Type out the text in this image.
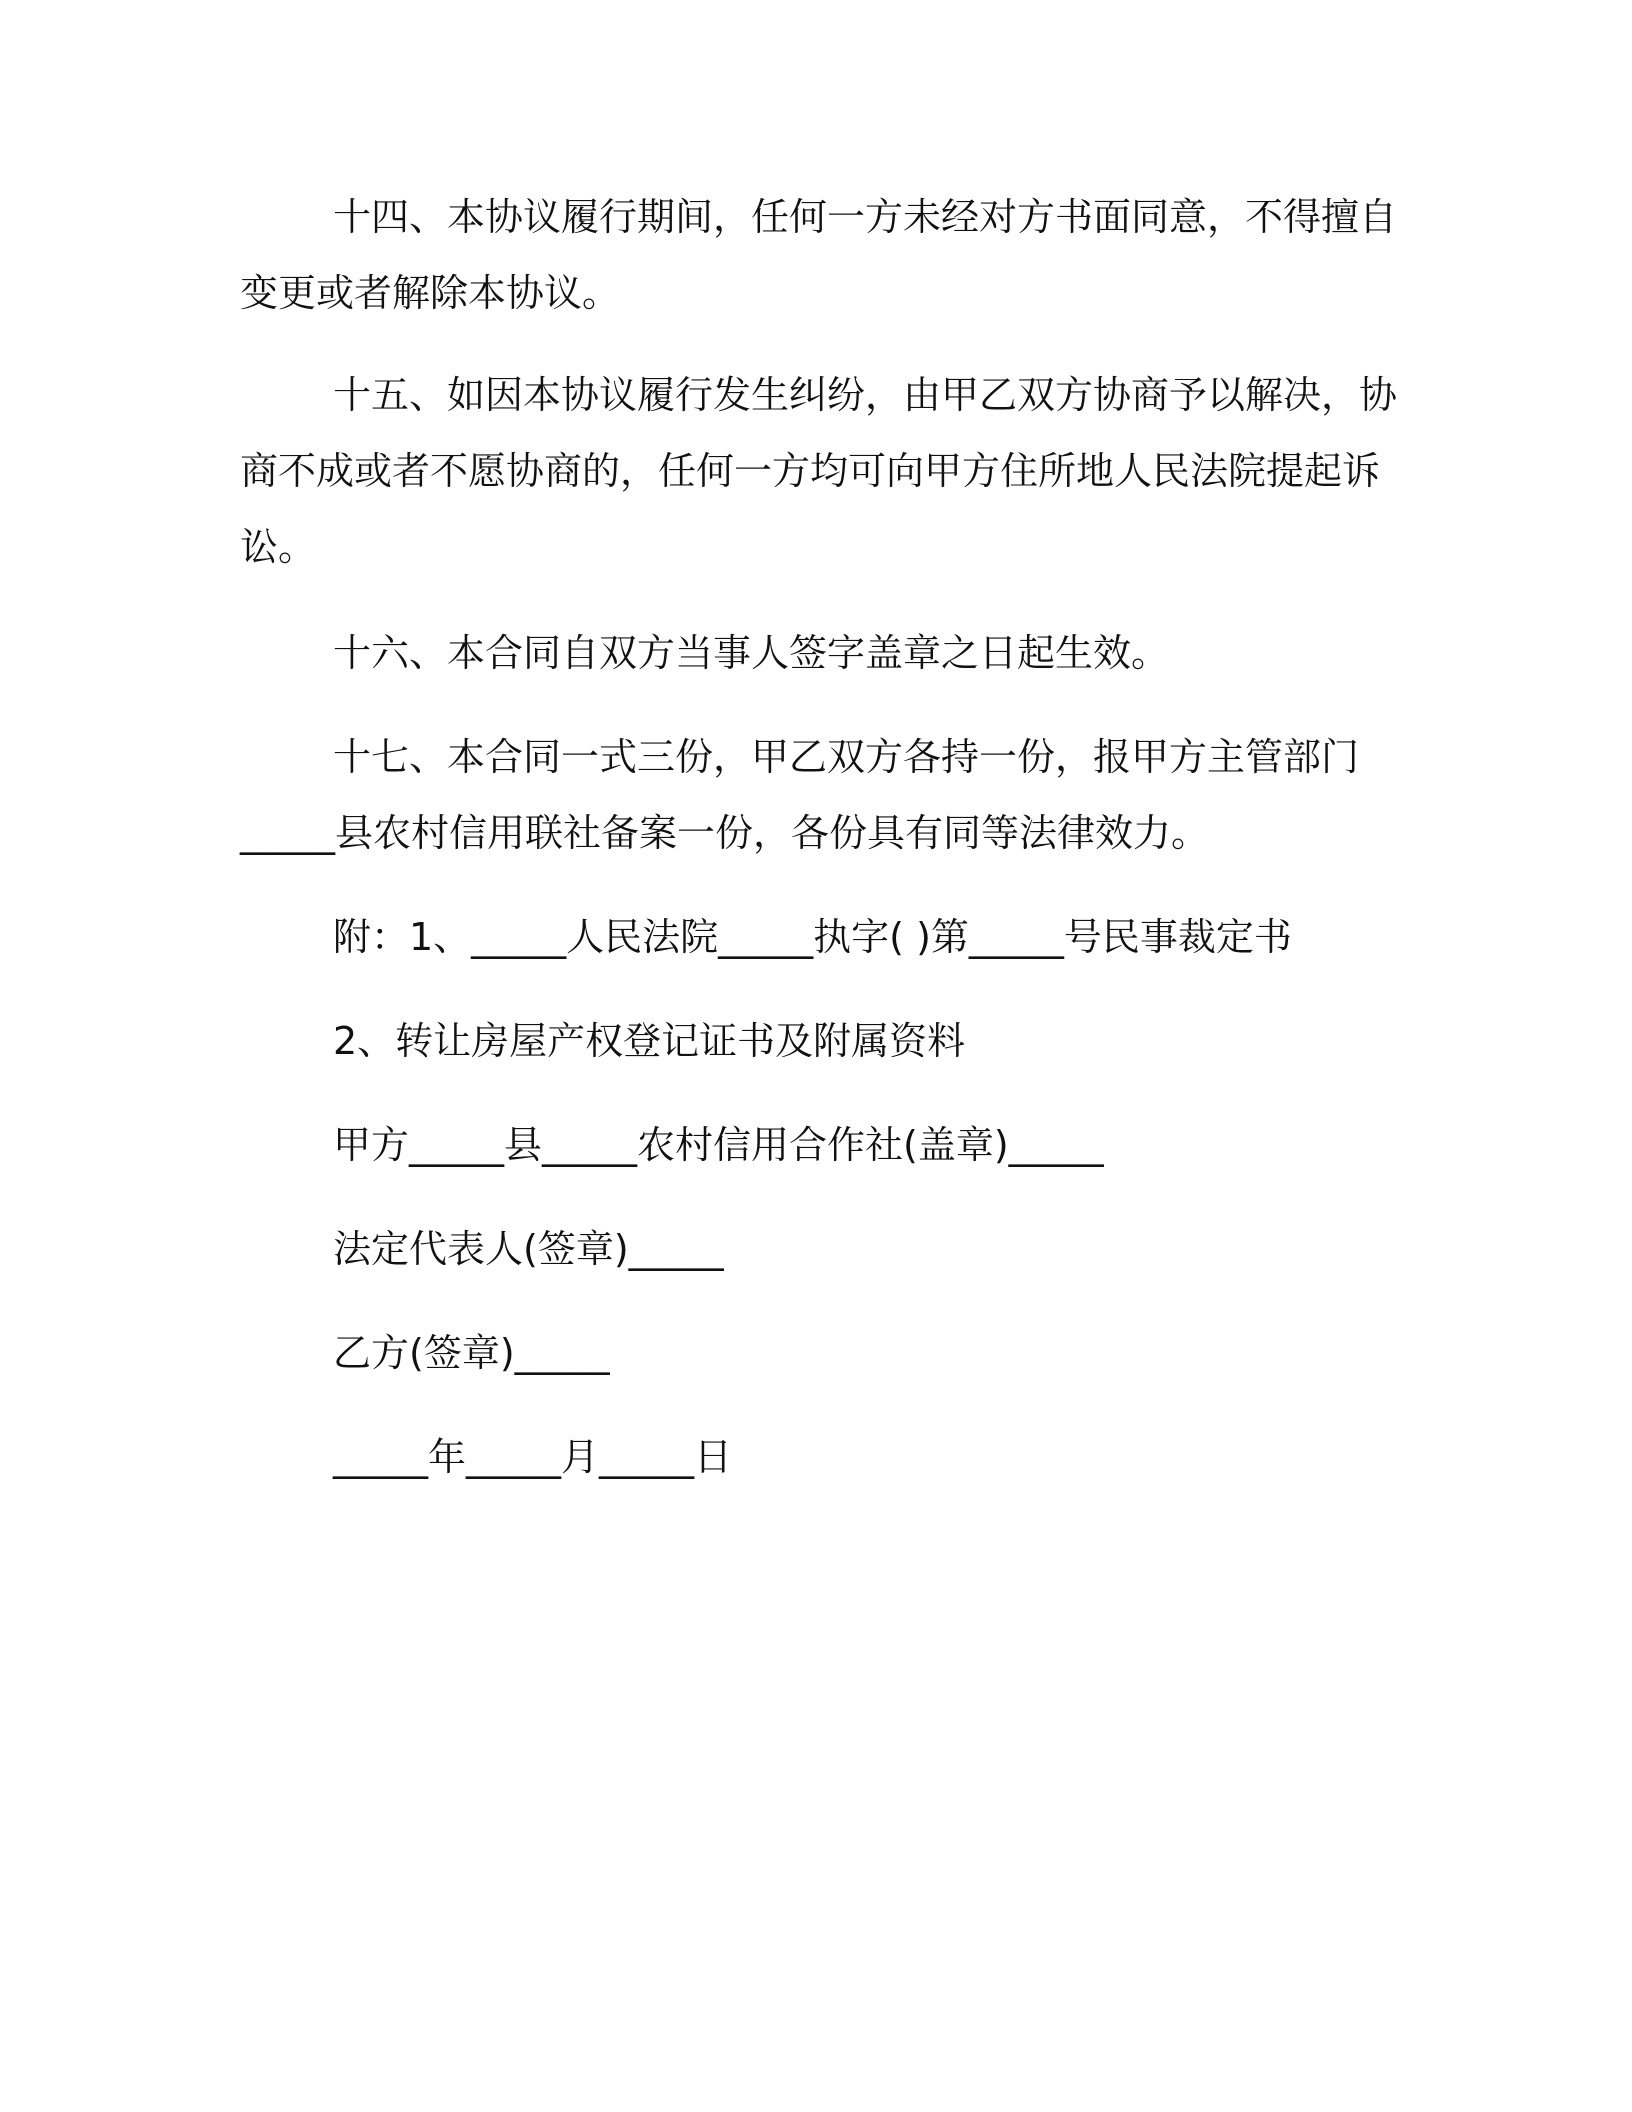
十四、本协议履行期间，任何一方未经对方书面同意，不得擅自
变更或者解除本协议。
十五、如因本协议履行发生纠纷，由甲乙双方协商予以解决，协
商不成或者不愿协商的，任何一方均可向甲方住所地人民法院提起诉
讼。
十六、本合同自双方当事人签字盖章之日起生效。
十七、本合同一式三份，甲乙双方各持一份，报甲方主管部门
_____县农村信用联社备案一份，各份具有同等法律效力。
附：1、_____人民法院_____执字( )第_____号民事裁定书
2、转让房屋产权登记证书及附属资料
甲方_____县_____农村信用合作社(盖章)_____
法定代表人(签章)_____
乙方(签章)_____
_____年_____月_____日
